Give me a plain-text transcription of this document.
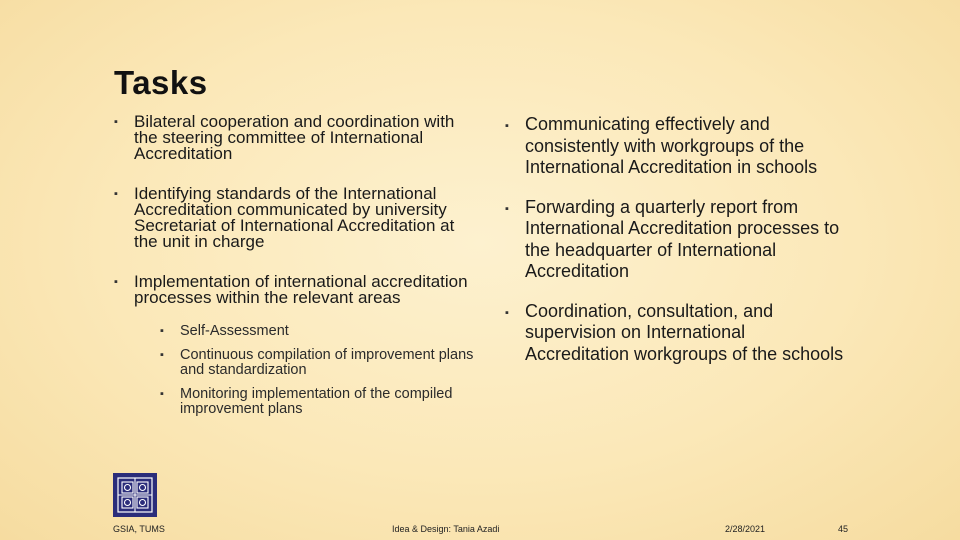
Tasks
▪ Bilateral cooperation and coordination with the steering committee of International Accreditation
▪ Identifying standards of the International Accreditation communicated by university Secretariat of International Accreditation at the unit in charge
▪ Implementation of international accreditation processes within the relevant areas
▪ Self-Assessment
▪ Continuous compilation of improvement plans and standardization
▪ Monitoring implementation of the compiled improvement plans
▪ Communicating effectively and consistently with workgroups of the International Accreditation in schools
▪ Forwarding a quarterly report from International Accreditation processes to the headquarter of International Accreditation
▪ Coordination, consultation, and supervision on International Accreditation workgroups of the schools
GSIA, TUMS	Idea & Design: Tania Azadi	2/28/2021	45
